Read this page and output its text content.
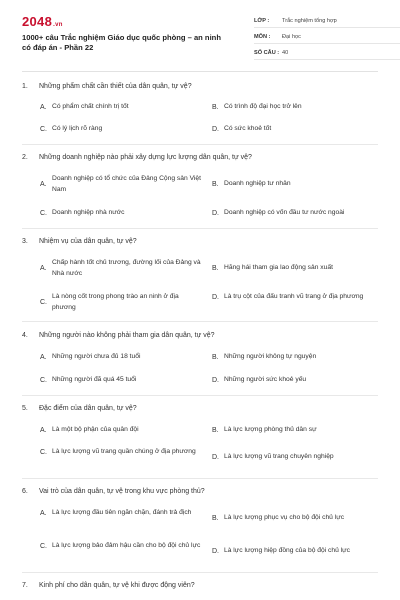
2048.vn
1000+ câu Trắc nghiệm Giáo dục quốc phòng – an ninh có đáp án - Phần 22
LỚP :	Trắc nghiệm tổng hợp
MÔN :	Đại học
SỐ CÂU : 40
1. Những phẩm chất cần thiết của dân quân, tự vệ?
A. Có phẩm chất chính trị tốt	B. Có trình độ đại học trở lên
C. Có lý lịch rõ ràng	D. Có sức khoẻ tốt
2. Những doanh nghiệp nào phải xây dựng lực lượng dân quân, tự vệ?
A.
Doanh nghiệp có tổ chức của Đảng Cộng sản Việt Nam
B. Doanh nghiệp tư nhân
C. Doanh nghiệp nhà nước	D. Doanh nghiệp có vốn đầu tư nước ngoài
3. Nhiệm vụ của dân quân, tự vệ?
A.
Chấp hành tốt chủ trương, đường lối của Đảng và Nhà nước
B. Hăng hái tham gia lao động sản xuất
C.
Là nòng cốt trong phong trào an ninh ở địa phương
D. Là trụ cột của đấu tranh vũ trang ở địa phương
4. Những người nào không phải tham gia dân quân, tự vệ?
A. Những người chưa đủ 18 tuổi	B. Những người không tự nguyện
C. Những người đã quá 45 tuổi	D. Những người sức khoẻ yếu
5. Đặc điểm của dân quân, tự vệ?
A. Là một bộ phận của quân đội	B. Là lực lượng phòng thủ dân sự
C. Là lực lượng vũ trang quần chúng ở địa phương
D. Là lực lượng vũ trang chuyên nghiệp
6. Vai trò của dân quân, tự vệ trong khu vực phòng thủ?
A. Là lực lượng đầu tiên ngăn chặn, đánh trả địch
B. Là lực lượng phục vụ cho bộ đội chủ lực
C. Là lực lượng bảo đảm hậu cần cho bộ đội chủ lực
D. Là lực lượng hiệp đồng của bộ đội chủ lực
7. Kinh phí cho dân quân, tự vệ khi được động viên?
